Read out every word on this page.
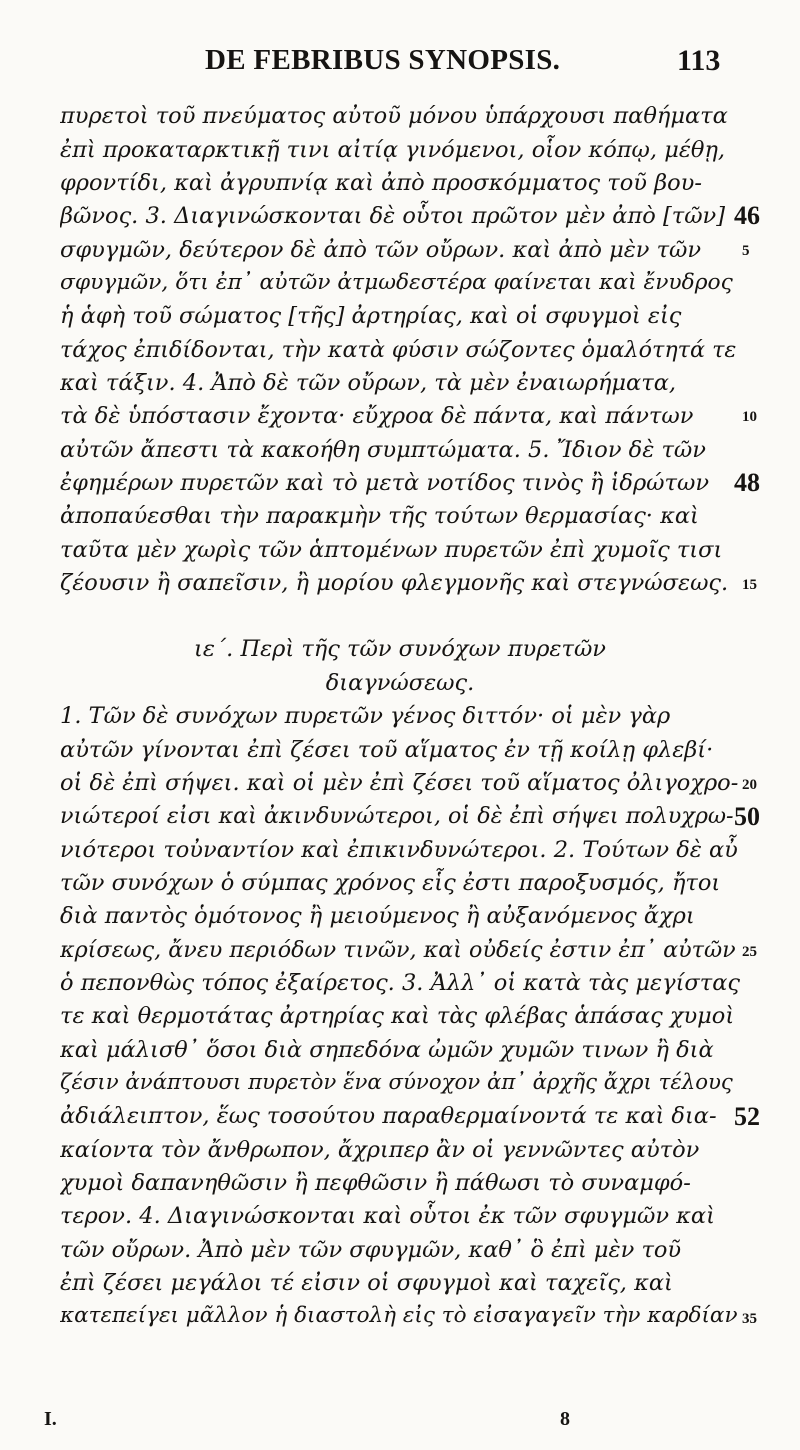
DE FEBRIBUS SYNOPSIS.	113
πυρετοὶ τοῦ πνεύματος αὐτοῦ μόνου ὑπάρχουσι παθήματα
ἐπὶ προκαταρκτικῇ τινι αἰτίᾳ γινόμενοι, οἷον κόπῳ, μέθῃ,
φροντίδι, καὶ ἀγρυπνίᾳ καὶ ἀπὸ προσκόμματος τοῦ βου-
βῶνος. 3. Διαγινώσκονται δὲ οὗτοι πρῶτον μὲν ἀπὸ [τῶν]
σφυγμῶν, δεύτερον δὲ ἀπὸ τῶν οὔρων. καὶ ἀπὸ μὲν τῶν
σφυγμῶν, ὅτι ἐπ᾽ αὐτῶν ἀτμωδεστέρα φαίνεται καὶ ἔνυδρος
ἡ ἁφὴ τοῦ σώματος [τῆς] ἀρτηρίας, καὶ οἱ σφυγμοὶ εἰς
τάχος ἐπιδίδονται, τὴν κατὰ φύσιν σώζοντες ὁμαλότητά τε
καὶ τάξιν. 4. Ἀπὸ δὲ τῶν οὔρων, τὰ μὲν ἐναιωρήματα,
τὰ δὲ ὑπόστασιν ἔχοντα· εὔχροα δὲ πάντα, καὶ πάντων
αὐτῶν ἄπεστι τὰ κακοήθη συμπτώματα. 5. Ἴδιον δὲ τῶν
ἐφημέρων πυρετῶν καὶ τὸ μετὰ νοτίδος τινὸς ἢ ἱδρώτων
ἀποπαύεσθαι τὴν παρακμὴν τῆς τούτων θερμασίας· καὶ
ταῦτα μὲν χωρὶς τῶν ἁπτομένων πυρετῶν ἐπὶ χυμοῖς τισι
ζέουσιν ἢ σαπεῖσιν, ἢ μορίου φλεγμονῆς καὶ στεγνώσεως.
ιε΄. Περὶ τῆς τῶν συνόχων πυρετῶν
διαγνώσεως.
1. Τῶν δὲ συνόχων πυρετῶν γένος διττόν· οἱ μὲν γὰρ
αὐτῶν γίνονται ἐπὶ ζέσει τοῦ αἵματος ἐν τῇ κοίλῃ φλεβί·
οἱ δὲ ἐπὶ σήψει. καὶ οἱ μὲν ἐπὶ ζέσει τοῦ αἵματος ὀλιγοχρο-
νιώτεροί εἰσι καὶ ἀκινδυνώτεροι, οἱ δὲ ἐπὶ σήψει πολυχρω-
νιότεροι τοὐναντίον καὶ ἐπικινδυνώτεροι. 2. Τούτων δὲ αὖ
τῶν συνόχων ὁ σύμπας χρόνος εἷς ἐστι παροξυσμός, ἤτοι
διὰ παντὸς ὁμότονος ἢ μειούμενος ἢ αὐξανόμενος ἄχρι
κρίσεως, ἄνευ περιόδων τινῶν, καὶ οὐδείς ἐστιν ἐπ᾽ αὐτῶν
ὁ πεπονθὼς τόπος ἐξαίρετος. 3. Ἀλλ᾽ οἱ κατὰ τὰς μεγίστας
τε καὶ θερμοτάτας ἀρτηρίας καὶ τὰς φλέβας ἁπάσας χυμοὶ
καὶ μάλισθ᾽ ὅσοι διὰ σηπεδόνα ὠμῶν χυμῶν τινων ἢ διὰ
ζέσιν ἀνάπτουσι πυρετὸν ἕνα σύνοχον ἀπ᾽ ἀρχῆς ἄχρι τέλους
ἀδιάλειπτον, ἕως τοσούτου παραθερμαίνοντά τε καὶ δια-
καίοντα τὸν ἄνθρωπον, ἄχριπερ ἂν οἱ γεννῶντες αὐτὸν
χυμοὶ δαπανηθῶσιν ἢ πεφθῶσιν ἢ πάθωσι τὸ συναμφό-
τερον. 4. Διαγινώσκονται καὶ οὗτοι ἐκ τῶν σφυγμῶν καὶ
τῶν οὔρων. Ἀπὸ μὲν τῶν σφυγμῶν, καθ᾽ ὃ ἐπὶ μὲν τοῦ
ἐπὶ ζέσει μεγάλοι τέ εἰσιν οἱ σφυγμοὶ καὶ ταχεῖς, καὶ
κατεπείγει μᾶλλον ἡ διαστολὴ εἰς τὸ εἰσαγαγεῖν τὴν καρδίαν
46
5
10
48
15
20
50
25
52
35
I.	8
